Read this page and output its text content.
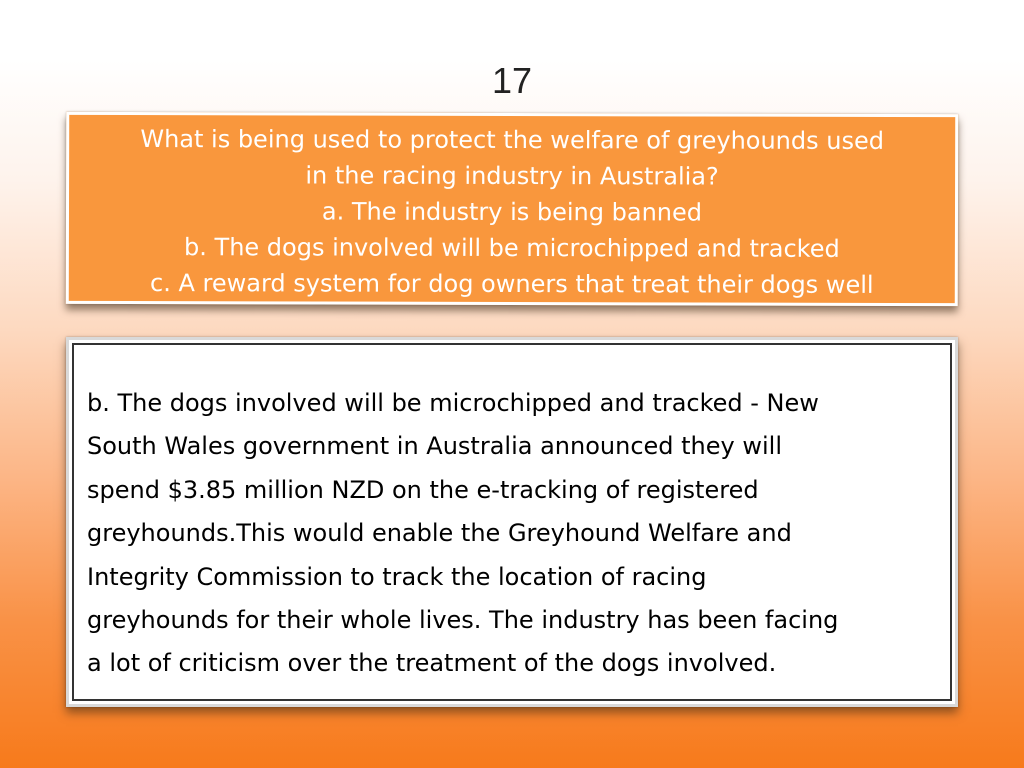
17
What is being used to protect the welfare of greyhounds used
in the racing industry in Australia?
a. The industry is being banned
b. The dogs involved will be microchipped and tracked
c. A reward system for dog owners that treat their dogs well
b. The dogs involved will be microchipped and tracked - New
South Wales government in Australia announced they will
spend $3.85 million NZD on the e-tracking of registered
greyhounds.This would enable the Greyhound Welfare and
Integrity Commission to track the location of racing
greyhounds for their whole lives. The industry has been facing
a lot of criticism over the treatment of the dogs involved.
